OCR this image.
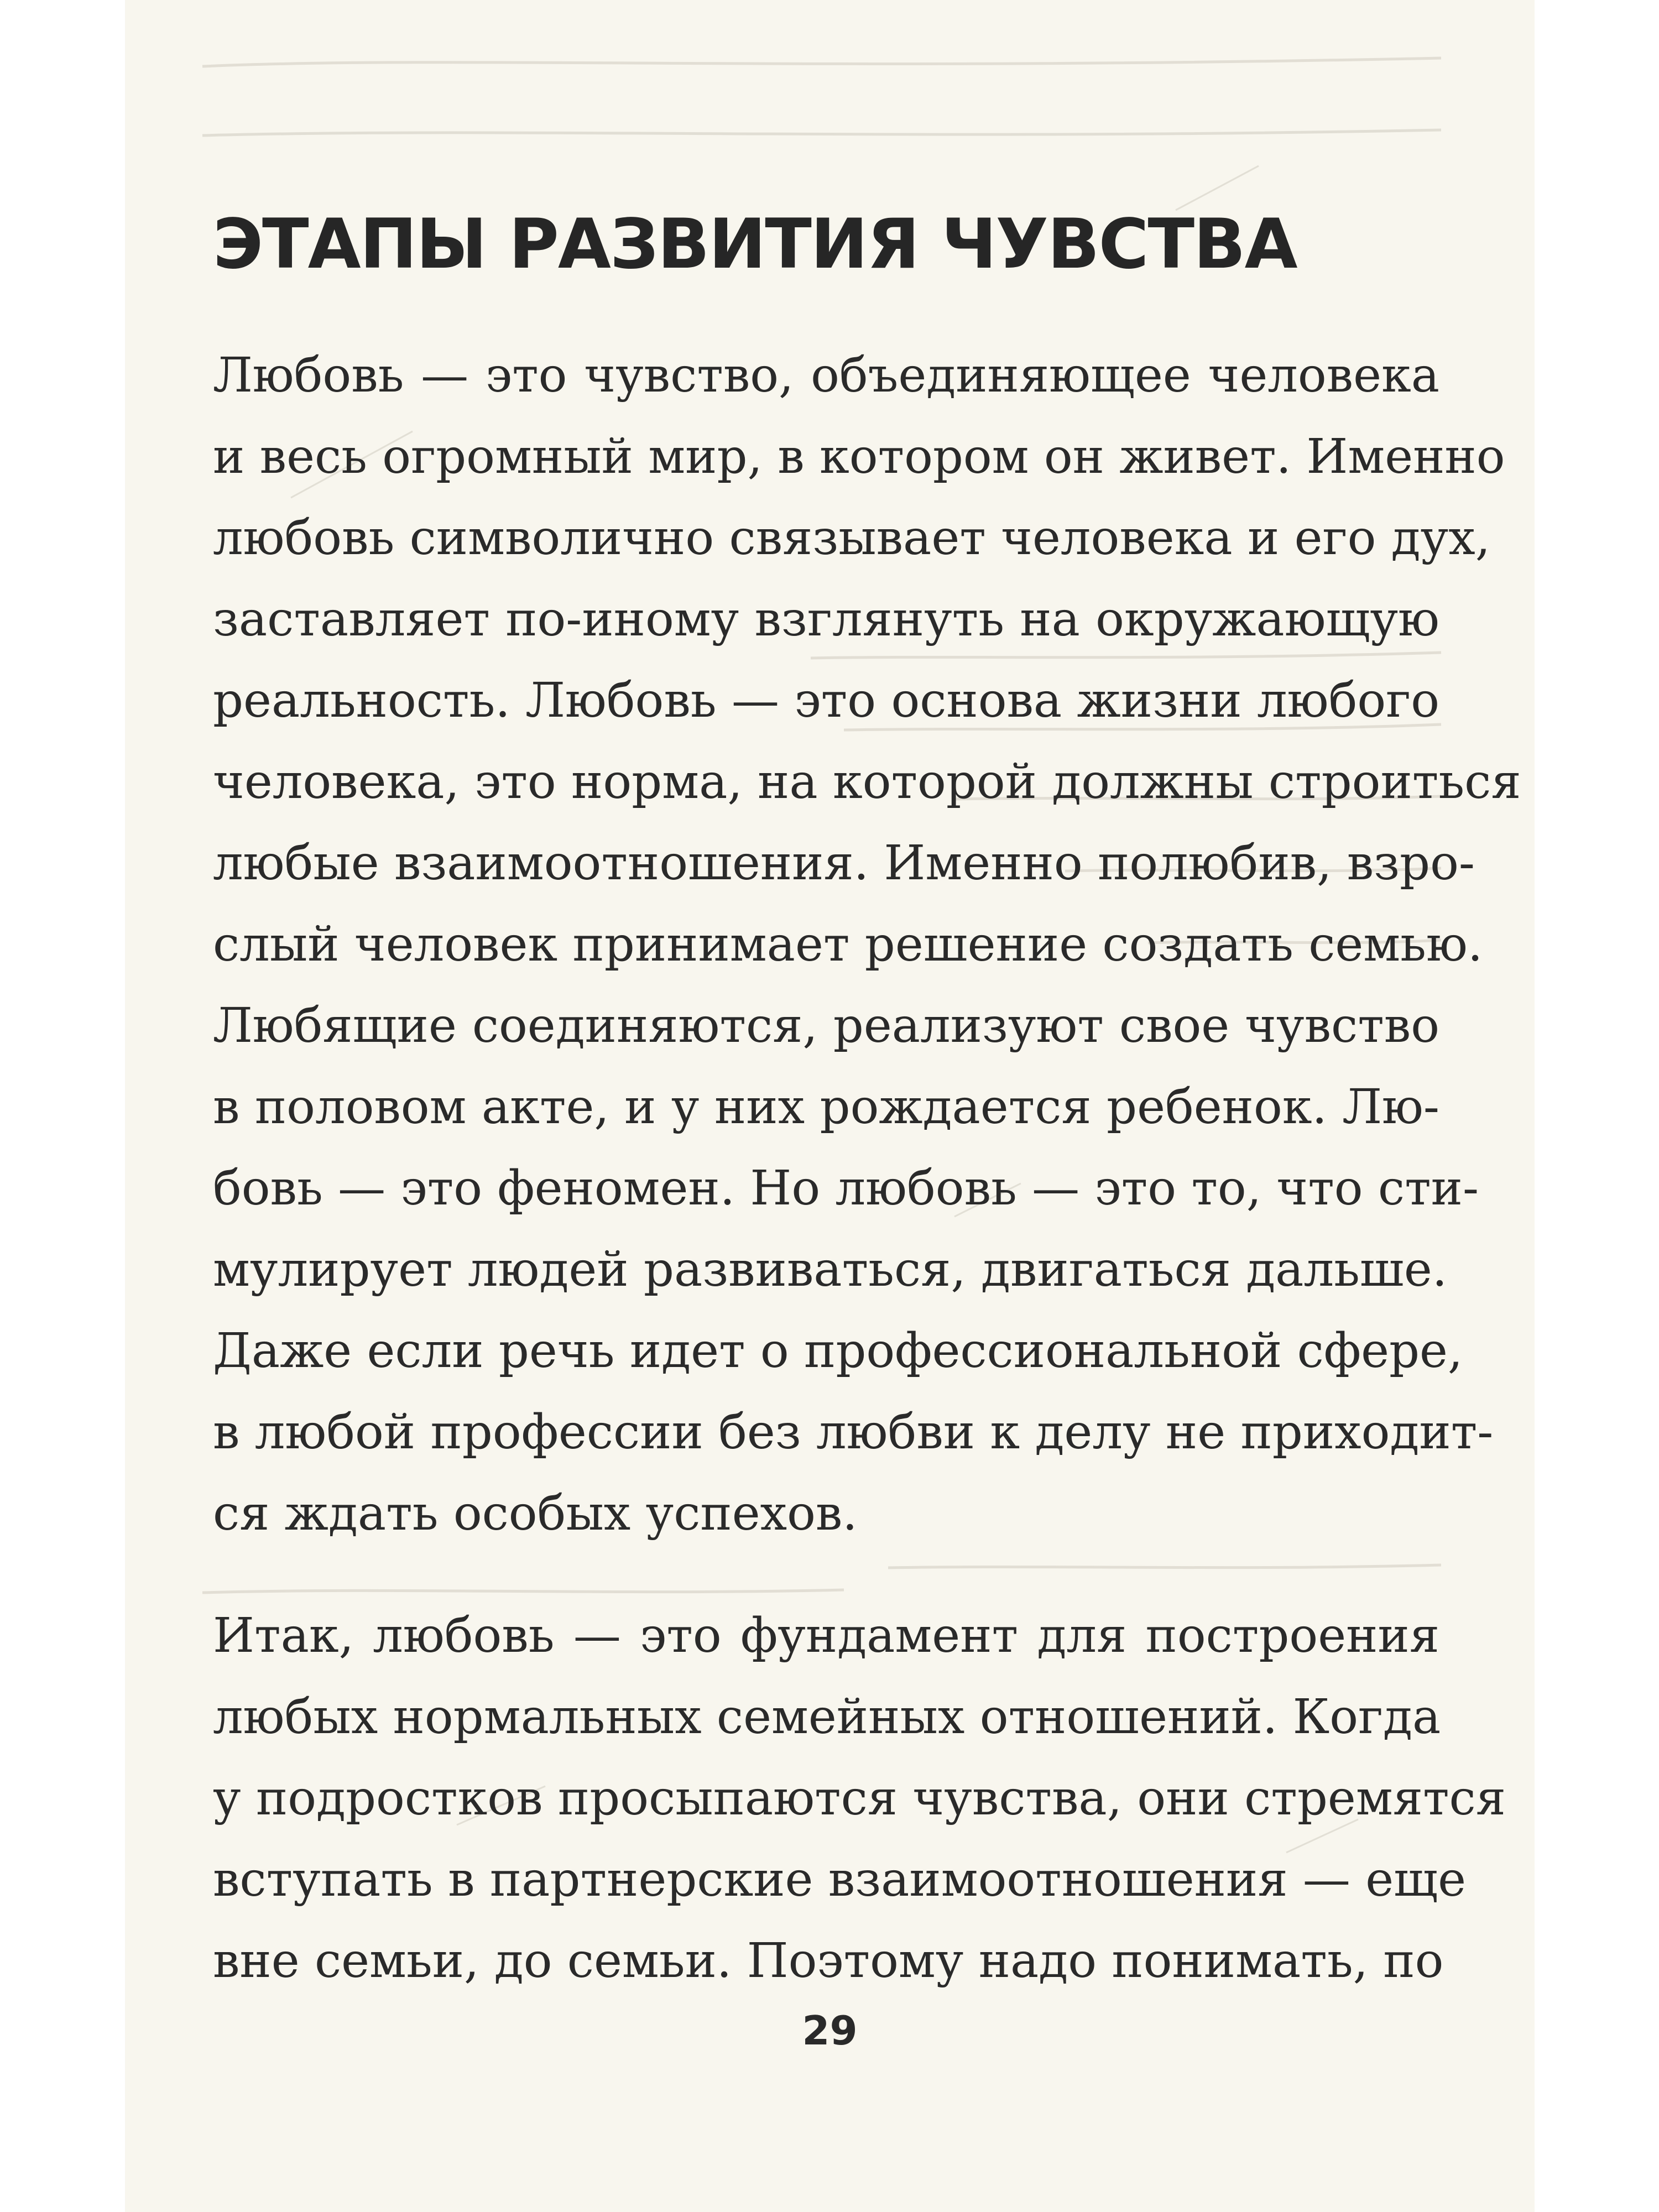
ЭТАПЫ РАЗВИТИЯ ЧУВСТВА

Любовь — это чувство, объединяющее человека
и весь огромный мир, в котором он живет. Именно
любовь символично связывает человека и его дух,
заставляет по-иному взглянуть на окружающую
реальность. Любовь — это основа жизни любого
человека, это норма, на которой должны строиться
любые взаимоотношения. Именно полюбив, взро-
слый человек принимает решение создать семью.
Любящие соединяются, реализуют свое чувство
в половом акте, и у них рождается ребенок. Лю-
бовь — это феномен. Но любовь — это то, что сти-
мулирует людей развиваться, двигаться дальше.
Даже если речь идет о профессиональной сфере,
в любой профессии без любви к делу не приходит-
ся ждать особых успехов.

Итак, любовь — это фундамент для построения
любых нормальных семейных отношений. Когда
у подростков просыпаются чувства, они стремятся
вступать в партнерские взаимоотношения — еще
вне семьи, до семьи. Поэтому надо понимать, по

29
